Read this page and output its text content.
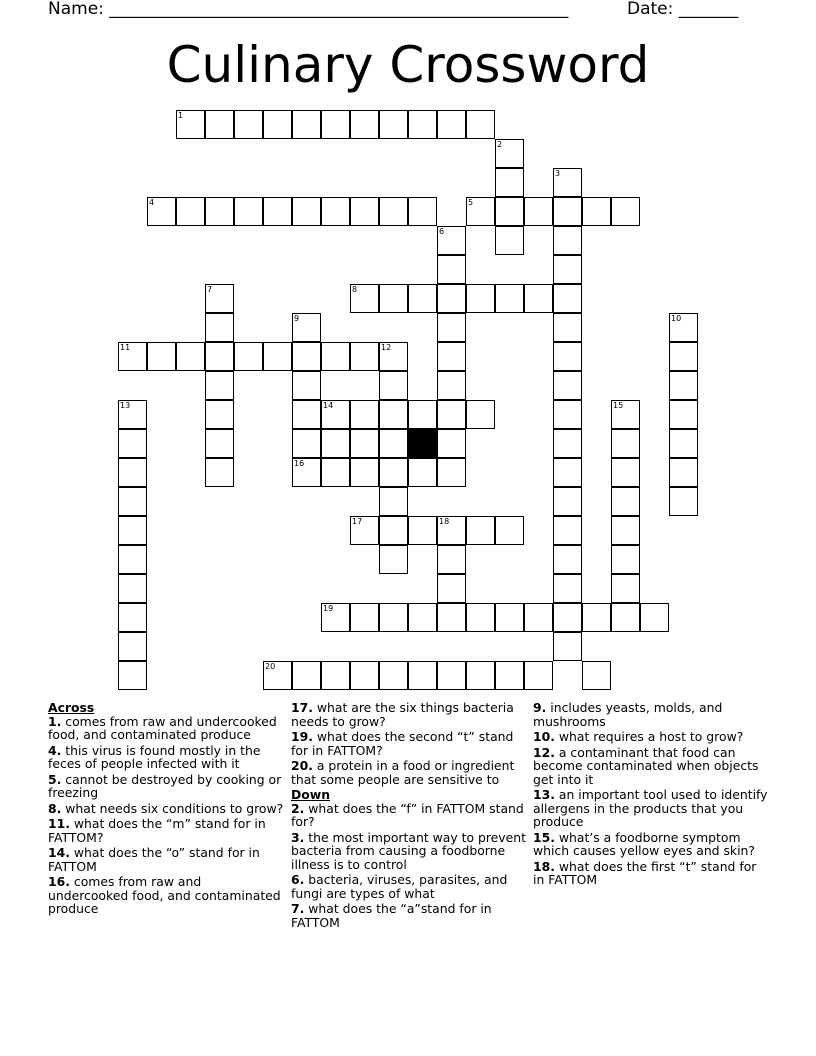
Name: ______________________________________________________	Date: _______
Culinary Crossword
1
2
3
4	5
6
7	8
9	10
11	12
13	14	15
16
17	18
19
20
Across
1. comes from raw and undercooked food, and contaminated produce
4. this virus is found mostly in the feces of people infected with it
5. cannot be destroyed by cooking or freezing
8. what needs six conditions to grow?
11. what does the “m” stand for in FATTOM?
14. what does the “o” stand for in FATTOM
16. comes from raw and undercooked food, and contaminated produce
17. what are the six things bacteria needs to grow?
19. what does the second “t” stand for in FATTOM?
20. a protein in a food or ingredient that some people are sensitive to
Down
2. what does the “f” in FATTOM stand for?
3. the most important way to prevent bacteria from causing a foodborne illness is to control
6. bacteria, viruses, parasites, and fungi are types of what
7. what does the “a”stand for in FATTOM
9. includes yeasts, molds, and mushrooms
10. what requires a host to grow?
12. a contaminant that food can become contaminated when objects get into it
13. an important tool used to identify allergens in the products that you produce
15. what’s a foodborne symptom which causes yellow eyes and skin?
18. what does the first “t” stand for in FATTOM
